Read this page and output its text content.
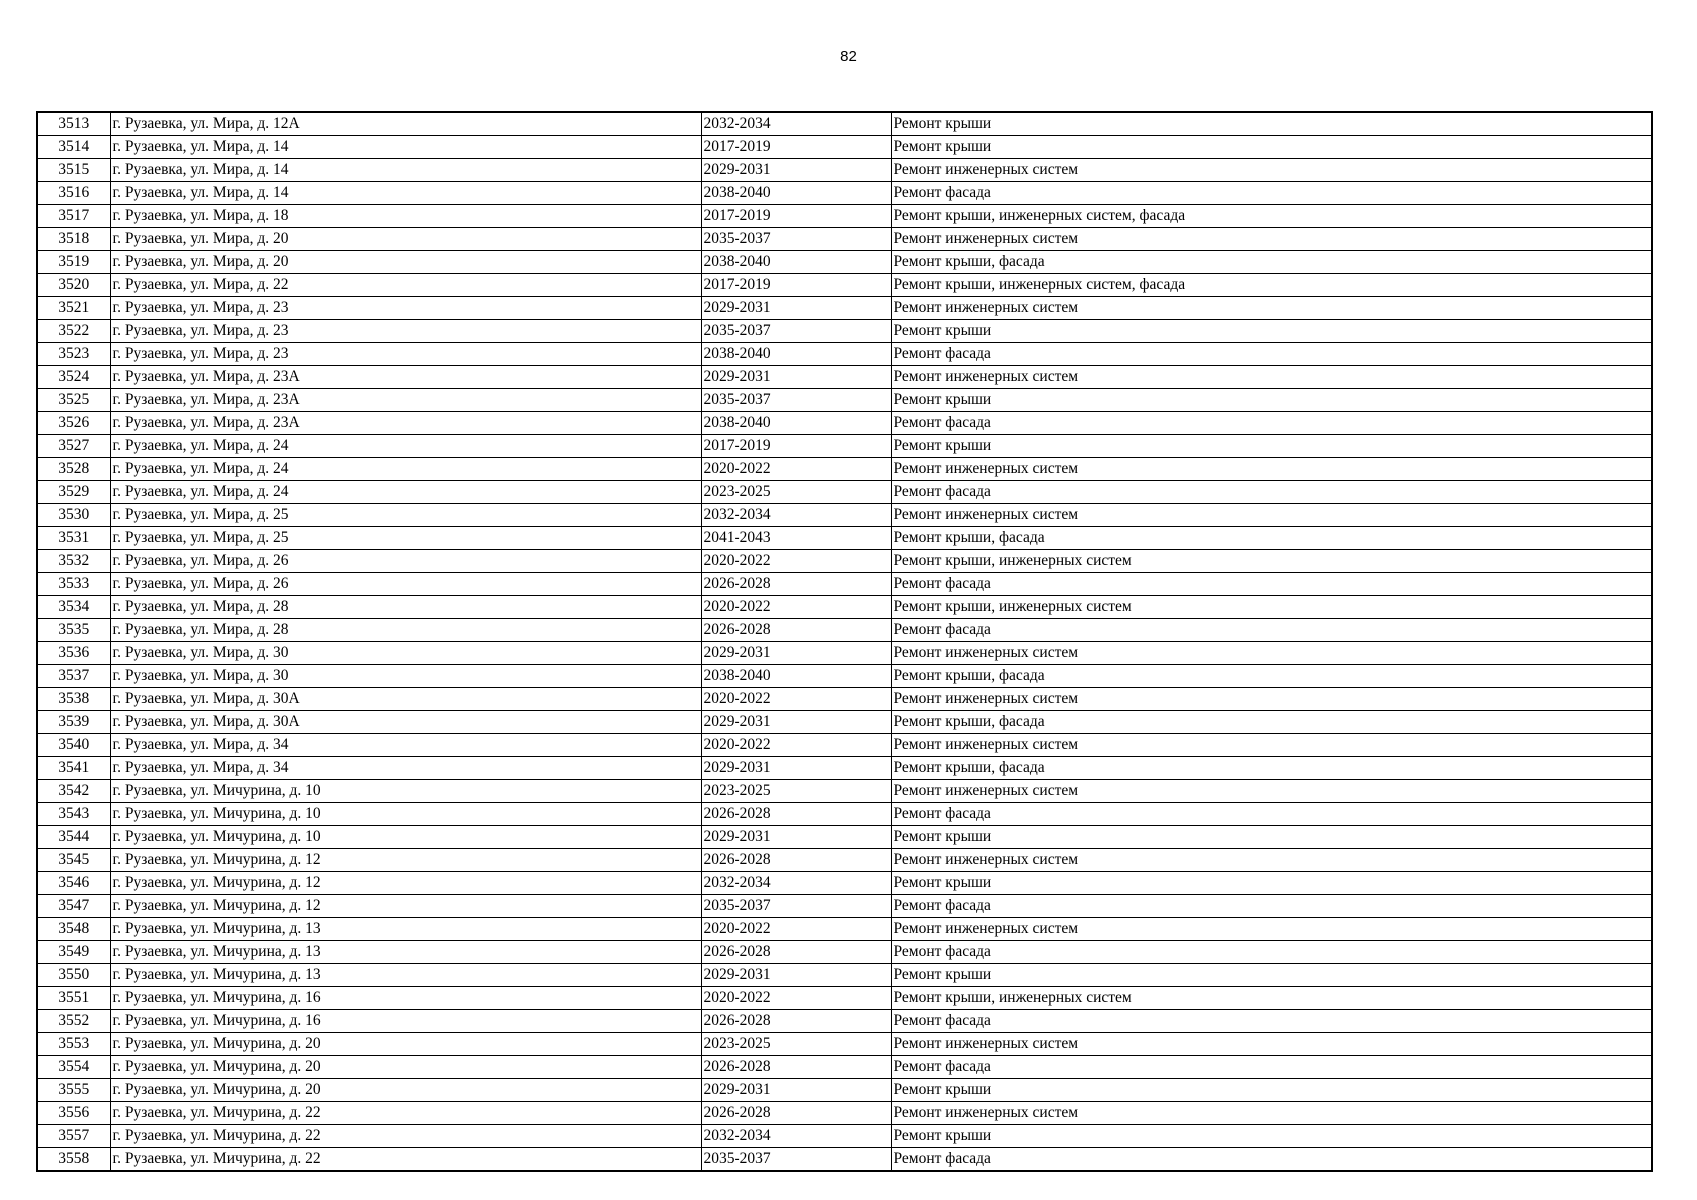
82
3513	г. Рузаевка, ул. Мира, д. 12А	2032-2034	Ремонт крыши
3514	г. Рузаевка, ул. Мира, д. 14	2017-2019	Ремонт крыши
3515	г. Рузаевка, ул. Мира, д. 14	2029-2031	Ремонт инженерных систем
3516	г. Рузаевка, ул. Мира, д. 14	2038-2040	Ремонт фасада
3517	г. Рузаевка, ул. Мира, д. 18	2017-2019	Ремонт крыши, инженерных систем, фасада
3518	г. Рузаевка, ул. Мира, д. 20	2035-2037	Ремонт инженерных систем
3519	г. Рузаевка, ул. Мира, д. 20	2038-2040	Ремонт крыши, фасада
3520	г. Рузаевка, ул. Мира, д. 22	2017-2019	Ремонт крыши, инженерных систем, фасада
3521	г. Рузаевка, ул. Мира, д. 23	2029-2031	Ремонт инженерных систем
3522	г. Рузаевка, ул. Мира, д. 23	2035-2037	Ремонт крыши
3523	г. Рузаевка, ул. Мира, д. 23	2038-2040	Ремонт фасада
3524	г. Рузаевка, ул. Мира, д. 23А	2029-2031	Ремонт инженерных систем
3525	г. Рузаевка, ул. Мира, д. 23А	2035-2037	Ремонт крыши
3526	г. Рузаевка, ул. Мира, д. 23А	2038-2040	Ремонт фасада
3527	г. Рузаевка, ул. Мира, д. 24	2017-2019	Ремонт крыши
3528	г. Рузаевка, ул. Мира, д. 24	2020-2022	Ремонт инженерных систем
3529	г. Рузаевка, ул. Мира, д. 24	2023-2025	Ремонт фасада
3530	г. Рузаевка, ул. Мира, д. 25	2032-2034	Ремонт инженерных систем
3531	г. Рузаевка, ул. Мира, д. 25	2041-2043	Ремонт крыши, фасада
3532	г. Рузаевка, ул. Мира, д. 26	2020-2022	Ремонт крыши, инженерных систем
3533	г. Рузаевка, ул. Мира, д. 26	2026-2028	Ремонт фасада
3534	г. Рузаевка, ул. Мира, д. 28	2020-2022	Ремонт крыши, инженерных систем
3535	г. Рузаевка, ул. Мира, д. 28	2026-2028	Ремонт фасада
3536	г. Рузаевка, ул. Мира, д. 30	2029-2031	Ремонт инженерных систем
3537	г. Рузаевка, ул. Мира, д. 30	2038-2040	Ремонт крыши, фасада
3538	г. Рузаевка, ул. Мира, д. 30А	2020-2022	Ремонт инженерных систем
3539	г. Рузаевка, ул. Мира, д. 30А	2029-2031	Ремонт крыши, фасада
3540	г. Рузаевка, ул. Мира, д. 34	2020-2022	Ремонт инженерных систем
3541	г. Рузаевка, ул. Мира, д. 34	2029-2031	Ремонт крыши, фасада
3542	г. Рузаевка, ул. Мичурина, д. 10	2023-2025	Ремонт инженерных систем
3543	г. Рузаевка, ул. Мичурина, д. 10	2026-2028	Ремонт фасада
3544	г. Рузаевка, ул. Мичурина, д. 10	2029-2031	Ремонт крыши
3545	г. Рузаевка, ул. Мичурина, д. 12	2026-2028	Ремонт инженерных систем
3546	г. Рузаевка, ул. Мичурина, д. 12	2032-2034	Ремонт крыши
3547	г. Рузаевка, ул. Мичурина, д. 12	2035-2037	Ремонт фасада
3548	г. Рузаевка, ул. Мичурина, д. 13	2020-2022	Ремонт инженерных систем
3549	г. Рузаевка, ул. Мичурина, д. 13	2026-2028	Ремонт фасада
3550	г. Рузаевка, ул. Мичурина, д. 13	2029-2031	Ремонт крыши
3551	г. Рузаевка, ул. Мичурина, д. 16	2020-2022	Ремонт крыши, инженерных систем
3552	г. Рузаевка, ул. Мичурина, д. 16	2026-2028	Ремонт фасада
3553	г. Рузаевка, ул. Мичурина, д. 20	2023-2025	Ремонт инженерных систем
3554	г. Рузаевка, ул. Мичурина, д. 20	2026-2028	Ремонт фасада
3555	г. Рузаевка, ул. Мичурина, д. 20	2029-2031	Ремонт крыши
3556	г. Рузаевка, ул. Мичурина, д. 22	2026-2028	Ремонт инженерных систем
3557	г. Рузаевка, ул. Мичурина, д. 22	2032-2034	Ремонт крыши
3558	г. Рузаевка, ул. Мичурина, д. 22	2035-2037	Ремонт фасада
